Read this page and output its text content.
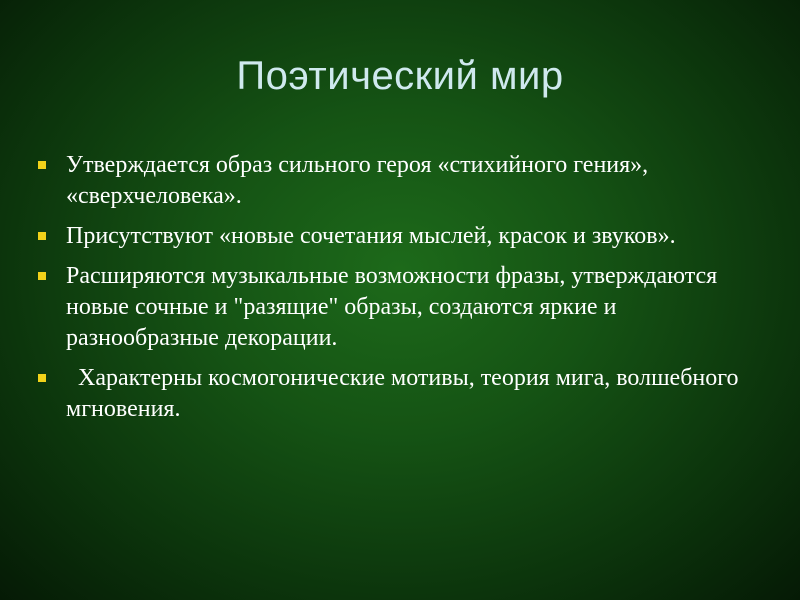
Поэтический мир
Утверждается образ сильного героя «стихийного гения», «сверхчеловека».
Присутствуют «новые сочетания мыслей, красок и звуков».
Расширяются музыкальные возможности фразы, утверждаются новые сочные и "разящие" образы, создаются яркие и разнообразные декорации.
Характерны космогонические мотивы, теория мига, волшебного мгновения.
